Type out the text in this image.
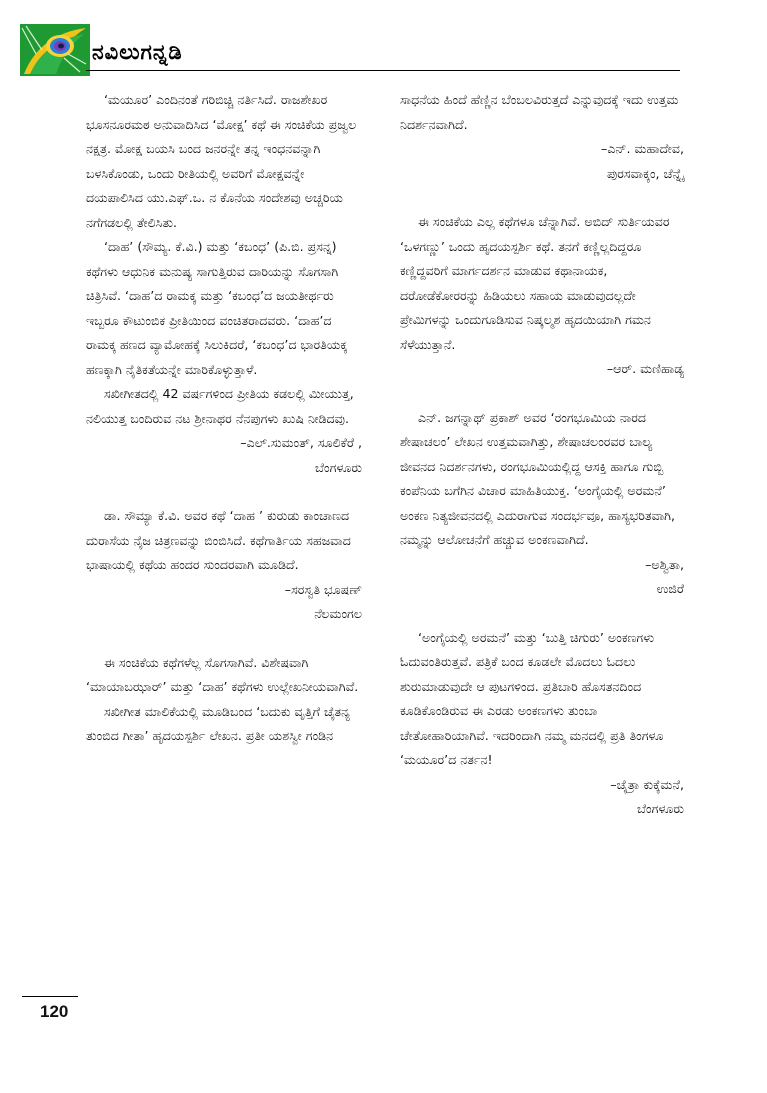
ನವಿಲುಗನ್ನಡಿ

‘ಮಯೂರ’ ಎಂದಿನಂತೆ ಗರಿಬಿಚ್ಚಿ ನರ್ತಿಸಿದೆ. ರಾಜಶೇಖರ ಭೂಸನೂರಮಠ ಅನುವಾದಿಸಿದ ‘ಮೋಕ್ಷ’ ಕಥೆ ಈ ಸಂಚಿಕೆಯ ಪ್ರಜ್ವಲ ನಕ್ಷತ್ರ. ಮೋಕ್ಷ ಬಯಸಿ ಬಂದ ಜನರನ್ನೇ ತನ್ನ ಇಂಧನವನ್ನಾಗಿ ಬಳಸಿಕೊಂಡು, ಒಂದು ರೀತಿಯಲ್ಲಿ ಅವರಿಗೆ ಮೋಕ್ಷವನ್ನೇ ದಯಪಾಲಿಸಿದ ಯು.ಎಫ್.ಒ. ನ ಕೊನೆಯ ಸಂದೇಶವು ಅಚ್ಚರಿಯ ನಗೆಗಡಲಲ್ಲಿ ತೇಲಿಸಿತು.

‘ದಾಹ’ (ಸೌಮ್ಯ. ಕೆ.ವಿ.) ಮತ್ತು ‘ಕಬಂಧ’ (ಪಿ.ಬಿ. ಪ್ರಸನ್ನ) ಕಥೆಗಳು ಆಧುನಿಕ ಮನುಷ್ಯ ಸಾಗುತ್ತಿರುವ ದಾರಿಯನ್ನು ಸೊಗಸಾಗಿ ಚಿತ್ರಿಸಿವೆ. ‘ದಾಹ’ದ ರಾಮಕ್ಕ ಮತ್ತು ‘ಕಬಂಧ’ದ ಜಯತೀರ್ಥರು ಇಬ್ಬರೂ ಕೌಟುಂಬಿಕ ಪ್ರೀತಿಯಿಂದ ವಂಚಿತರಾದವರು. ‘ದಾಹ’ದ ರಾಮಕ್ಕ ಹಣದ ವ್ಯಾಮೋಹಕ್ಕೆ ಸಿಲುಕಿದರೆ, ‘ಕಬಂಧ’ದ ಭಾರತಿಯಕ್ಕ ಹಣಕ್ಕಾಗಿ ನೈತಿಕತೆಯನ್ನೇ ಮಾರಿಕೊಳ್ಳುತ್ತಾಳೆ.

ಸಖೀಗೀತದಲ್ಲಿ 42 ವರ್ಷಗಳಿಂದ ಪ್ರೀತಿಯ ಕಡಲಲ್ಲಿ ಮೀಯುತ್ತ, ನಲಿಯುತ್ತ ಬಂದಿರುವ ನಟ ಶ್ರೀನಾಥರ ನೆನಪುಗಳು ಖುಷಿ ನೀಡಿದವು.

–ಎಲ್.ಸುಮಂತ್, ಸೂಲಿಕೆರೆ ,
ಬೆಂಗಳೂರು

ಡಾ. ಸೌಮ್ಯಾ ಕೆ.ವಿ. ಅವರ ಕಥೆ ‘ದಾಹ ’ ಕುರುಡು ಕಾಂಚಾಣದ ದುರಾಸೆಯ ನೈಜ ಚಿತ್ರಣವನ್ನು ಬಿಂಬಿಸಿದೆ. ಕಥೆಗಾರ್ತಿಯ ಸಹಜವಾದ ಭಾಷಾಯಲ್ಲಿ ಕಥೆಯ ಹಂದರ ಸುಂದರವಾಗಿ ಮೂಡಿದೆ.

–ಸರಸ್ವತಿ ಭೂಷಣ್
ನೆಲಮಂಗಲ

ಈ ಸಂಚಿಕೆಯ ಕಥೆಗಳೆಲ್ಲ ಸೊಗಸಾಗಿವೆ. ವಿಶೇಷವಾಗಿ ‘ಮಾಯಾಬಝಾರ್’ ಮತ್ತು ‘ದಾಹ’ ಕಥೆಗಳು ಉಲ್ಲೇಖನೀಯವಾಗಿವೆ.

ಸಖೀಗೀತ ಮಾಲಿಕೆಯಲ್ಲಿ ಮೂಡಿಬಂದ ‘ಬದುಕು ವೃತ್ತಿಗೆ ಚೈತನ್ಯ ತುಂಬಿದ ಗೀತಾ’ ಹೃದಯಸ್ಪರ್ಶಿ ಲೇಖನ. ಪ್ರತೀ ಯಶಸ್ವೀ ಗಂಡಿನ

ಸಾಧನೆಯ ಹಿಂದೆ ಹೆಣ್ಣಿನ ಬೆಂಬಲವಿರುತ್ತದೆ ಎನ್ನುವುದಕ್ಕೆ ಇದು ಉತ್ತಮ ನಿದರ್ಶನವಾಗಿದೆ.

–ಎನ್. ಮಹಾದೇವ,
ಪುರಸವಾಕ್ಕಂ, ಚೆನ್ನೈ

ಈ ಸಂಚಿಕೆಯ ಎಲ್ಲ ಕಥೆಗಳೂ ಚೆನ್ನಾಗಿವೆ. ಅಬಿದ್ ಸುರ್ತಿಯವರ ‘ಒಳಗಣ್ಣು’ ಒಂದು ಹೃದಯಸ್ಪರ್ಶಿ ಕಥೆ. ತನಗೆ ಕಣ್ಣಿಲ್ಲದಿದ್ದರೂ ಕಣ್ಣಿದ್ದವರಿಗೆ ಮಾರ್ಗದರ್ಶನ ಮಾಡುವ ಕಥಾನಾಯಕ, ದರೋಡೆಕೋರರನ್ನು ಹಿಡಿಯಲು ಸಹಾಯ ಮಾಡುವುದಲ್ಲದೇ ಪ್ರೇಮಿಗಳನ್ನು ಒಂದುಗೂಡಿಸುವ ನಿಷ್ಕಲ್ಮಶ ಹೃದಯಿಯಾಗಿ ಗಮನ ಸೆಳೆಯುತ್ತಾನೆ.

–ಆರ್. ಮಣಿಹಾಡ್ಯ

ಎನ್. ಜಗನ್ನಾಥ್ ಪ್ರಕಾಶ್ ಅವರ ‘ರಂಗಭೂಮಿಯ ನಾರದ ಶೇಷಾಚಲಂ’ ಲೇಖನ ಉತ್ತಮವಾಗಿತ್ತು, ಶೇಷಾಚಲಂರವರ ಬಾಲ್ಯ ಜೀವನದ ನಿದರ್ಶನಗಳು, ರಂಗಭೂಮಿಯಲ್ಲಿದ್ದ ಆಸಕ್ತಿ ಹಾಗೂ ಗುಬ್ಬಿ ಕಂಪೆನಿಯ ಬಗೆಗಿನ ವಿಚಾರ ಮಾಹಿತಿಯುಕ್ತ. ‘ಅಂಗೈಯಲ್ಲಿ ಅರಮನೆ’ ಅಂಕಣ ನಿತ್ಯಜೀವನದಲ್ಲಿ ಎದುರಾಗುವ ಸಂದರ್ಭವೂ, ಹಾಸ್ಯಭರಿತವಾಗಿ, ನಮ್ಮನ್ನು ಆಲೋಚನೆಗೆ ಹಚ್ಚುವ ಅಂಕಣವಾಗಿದೆ.

–ಅಶ್ವಿತಾ,
ಉಜಿರೆ

‘ಅಂಗೈಯಲ್ಲಿ ಅರಮನೆ’ ಮತ್ತು ‘ಬುತ್ತಿ ಚಿಗುರು’ ಅಂಕಣಗಳು ಓದುವಂತಿರುತ್ತವೆ. ಪತ್ರಿಕೆ ಬಂದ ಕೂಡಲೇ ಮೊದಲು ಓದಲು ಶುರುಮಾಡುವುದೇ ಆ ಪುಟಗಳಿಂದ. ಪ್ರತಿಬಾರಿ ಹೊಸತನದಿಂದ ಕೂಡಿಕೊಂಡಿರುವ ಈ ಎರಡು ಅಂಕಣಗಳು ತುಂಬಾ ಚೇತೋಹಾರಿಯಾಗಿವೆ. ಇದರಿಂದಾಗಿ ನಮ್ಮ ಮನದಲ್ಲಿ ಪ್ರತಿ ತಿಂಗಳೂ ‘ಮಯೂರ’ದ ನರ್ತನ!

–ಚೈತ್ರಾ ಕುಕ್ಕೆಮನೆ,
ಬೆಂಗಳೂರು
120
